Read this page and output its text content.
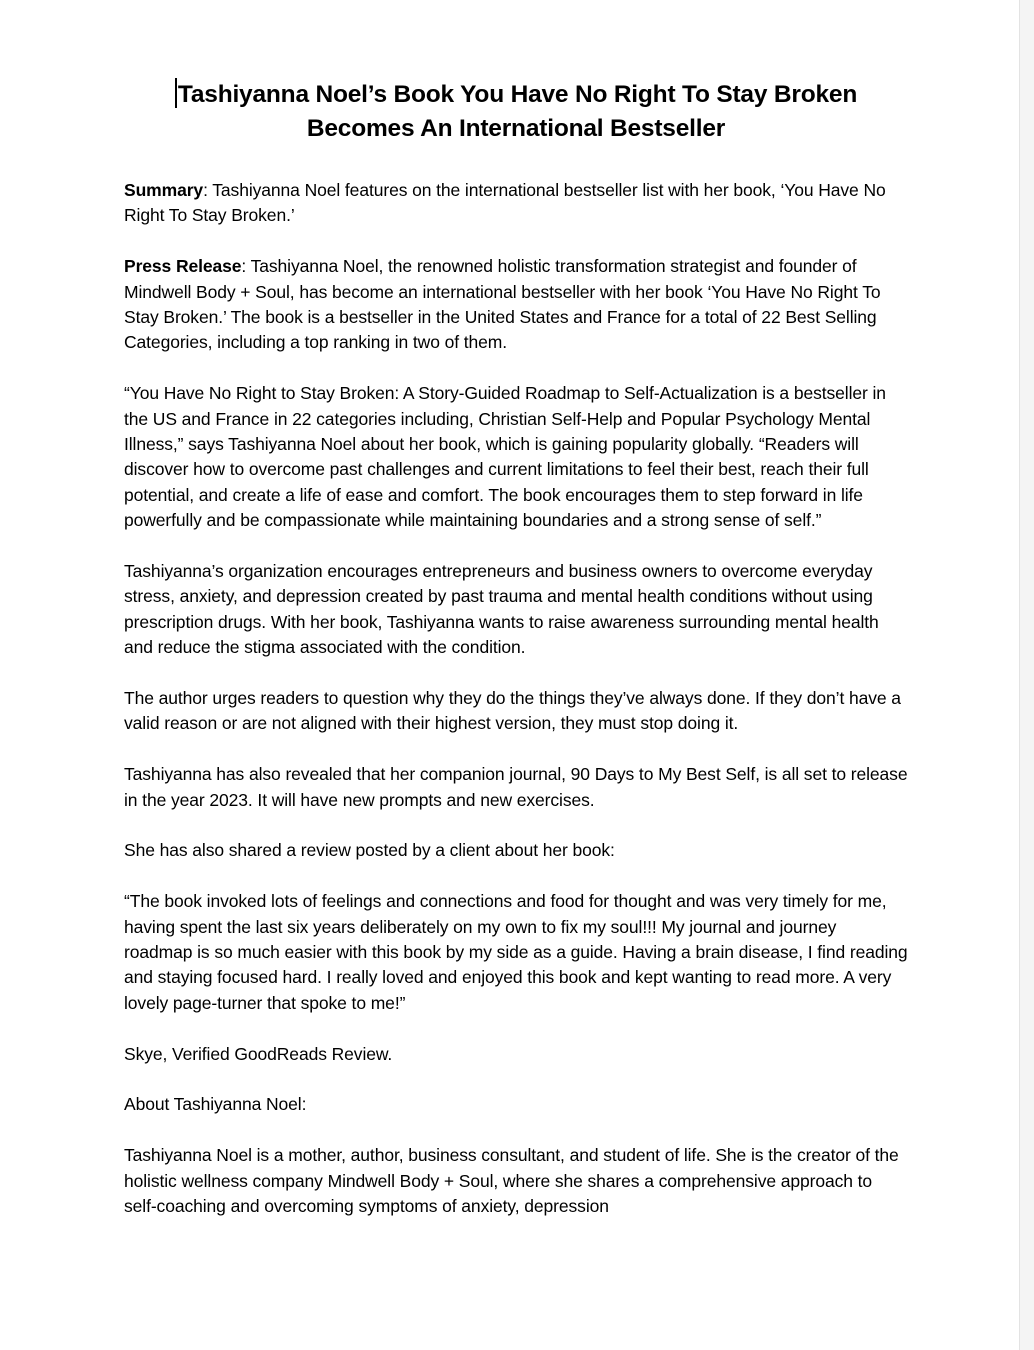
Tashiyanna Noel’s Book You Have No Right To Stay Broken Becomes An International Bestseller

Summary: Tashiyanna Noel features on the international bestseller list with her book, ‘You Have No Right To Stay Broken.’

Press Release: Tashiyanna Noel, the renowned holistic transformation strategist and founder of Mindwell Body + Soul, has become an international bestseller with her book ‘You Have No Right To Stay Broken.’ The book is a bestseller in the United States and France for a total of 22 Best Selling Categories, including a top ranking in two of them.

“You Have No Right to Stay Broken: A Story-Guided Roadmap to Self-Actualization is a bestseller in the US and France in 22 categories including, Christian Self-Help and Popular Psychology Mental Illness,” says Tashiyanna Noel about her book, which is gaining popularity globally. “Readers will discover how to overcome past challenges and current limitations to feel their best, reach their full potential, and create a life of ease and comfort. The book encourages them to step forward in life powerfully and be compassionate while maintaining boundaries and a strong sense of self.”

Tashiyanna’s organization encourages entrepreneurs and business owners to overcome everyday stress, anxiety, and depression created by past trauma and mental health conditions without using prescription drugs. With her book, Tashiyanna wants to raise awareness surrounding mental health and reduce the stigma associated with the condition.

The author urges readers to question why they do the things they’ve always done. If they don’t have a valid reason or are not aligned with their highest version, they must stop doing it.

Tashiyanna has also revealed that her companion journal, 90 Days to My Best Self, is all set to release in the year 2023. It will have new prompts and new exercises.

She has also shared a review posted by a client about her book:

“The book invoked lots of feelings and connections and food for thought and was very timely for me, having spent the last six years deliberately on my own to fix my soul!!! My journal and journey roadmap is so much easier with this book by my side as a guide. Having a brain disease, I find reading and staying focused hard. I really loved and enjoyed this book and kept wanting to read more. A very lovely page-turner that spoke to me!”

Skye, Verified GoodReads Review.

About Tashiyanna Noel:

Tashiyanna Noel is a mother, author, business consultant, and student of life. She is the creator of the holistic wellness company Mindwell Body + Soul, where she shares a comprehensive approach to self-coaching and overcoming symptoms of anxiety, depression
